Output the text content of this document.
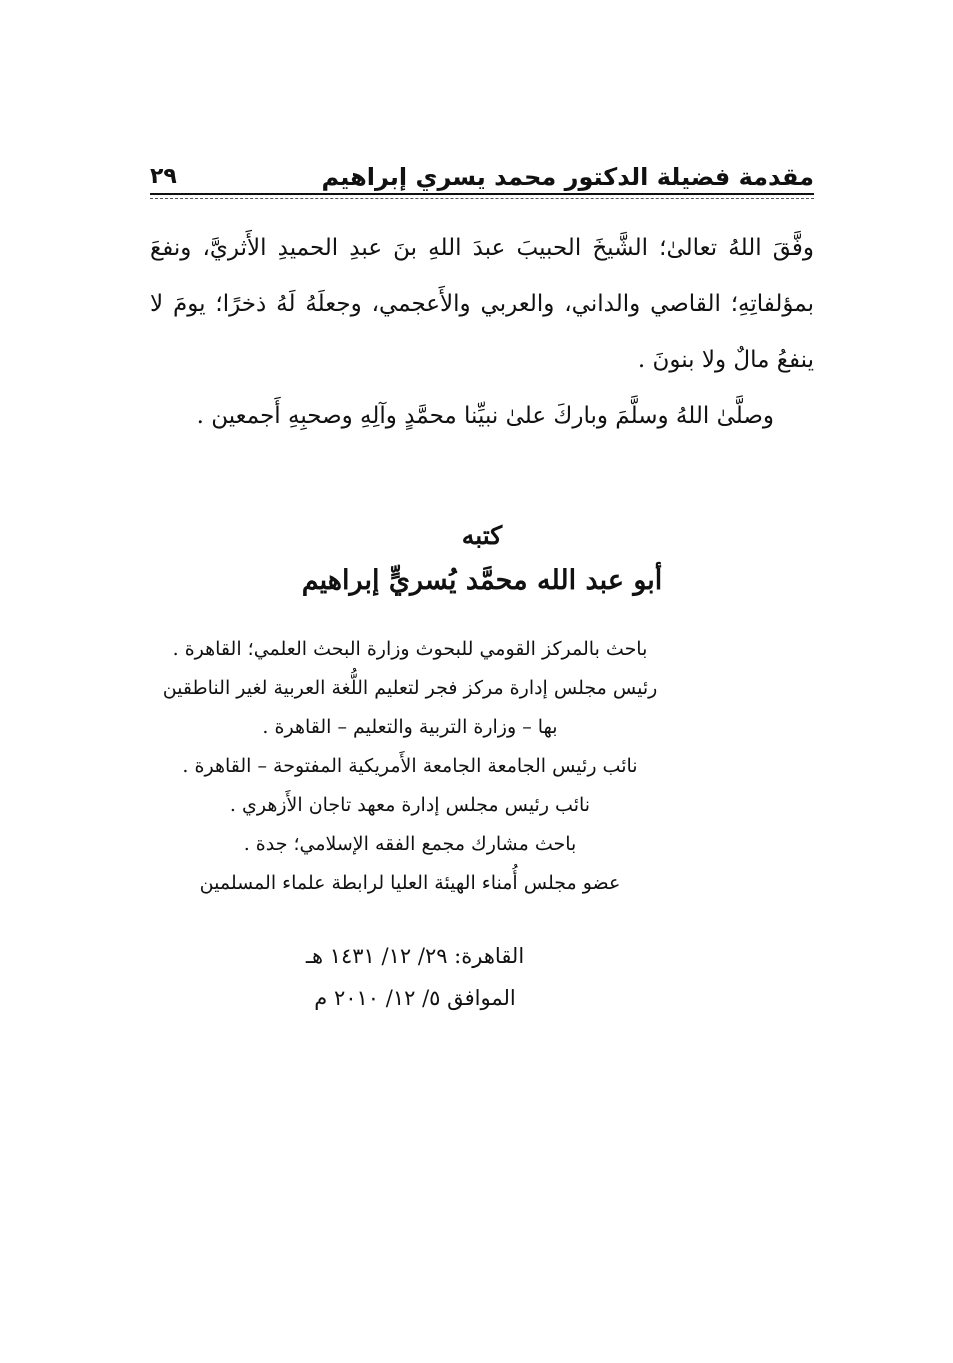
مقدمة فضيلة الدكتور محمد يسري إبراهيم
٢٩

وفَّقَ اللهُ تعالىٰ؛ الشَّيخَ الحبيبَ عبدَ اللهِ بنَ عبدِ الحميدِ الأَثريَّ، ونفعَ بمؤلفاتِهِ؛ القاصي والداني، والعربي والأَعجمي، وجعلَهُ لَهُ ذخرًا؛ يومَ لا ينفعُ مالٌ ولا بنونَ .

وصلَّىٰ اللهُ وسلَّمَ وباركَ علىٰ نبيِّنا محمَّدٍ وآلِهِ وصحبِهِ أَجمعين .

كتبه

أبو عبد الله محمَّد يُسريٍّ إبراهيم

باحث بالمركز القومي للبحوث وزارة البحث العلمي؛ القاهرة .
رئيس مجلس إدارة مركز فجر لتعليم اللُّغة العربية لغير الناطقين
بها – وزارة التربية والتعليم – القاهرة .
نائب رئيس الجامعة الجامعة الأَمريكية المفتوحة – القاهرة .
نائب رئيس مجلس إدارة معهد تاجان الأَزهري .
باحث مشارك مجمع الفقه الإسلامي؛ جدة .
عضو مجلس أُمناء الهيئة العليا لرابطة علماء المسلمين
القاهرة: ٢٩/ ١٢/ ١٤٣١ هـ
الموافق ٥/ ١٢/ ٢٠١٠ م
